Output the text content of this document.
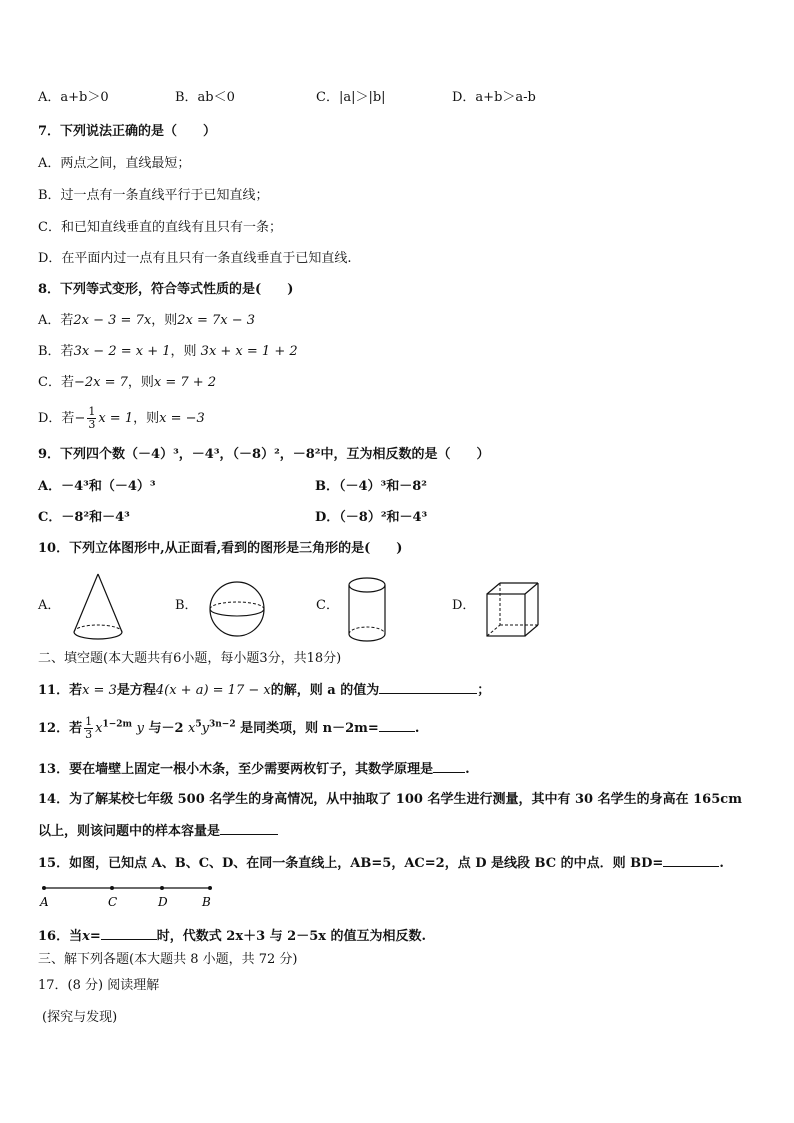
A．a+b＞0	B．ab＜0	C．|a|＞|b|	D．a+b＞a-b
7．下列说法正确的是（　　）
A．两点之间，直线最短；
B．过一点有一条直线平行于已知直线；
C．和已知直线垂直的直线有且只有一条；
D．在平面内过一点有且只有一条直线垂直于已知直线.
8．下列等式变形，符合等式性质的是(　　)
A．若2x − 3 = 7x，则2x = 7x − 3
B．若3x − 2 = x + 1，则 3x + x = 1 + 2
C．若−2x = 7，则x = 7 + 2
D．若− $\frac{1}{3}$ x = 1，则x = −3
9．下列四个数（－4）³，－4³，（－8）²，－8²中，互为相反数的是（　　）
A．－4³和（－4）³	B．（－4）³和－8²
C．－8²和－4³	D．（－8）²和－4³
10．下列立体图形中,从正面看,看到的图形是三角形的是(　　)
A．	B．	C．	D．
二、填空题(本大题共有6小题，每小题3分，共18分)
11．若x = 3是方程4(x + a) = 17 − x的解，则 a 的值为	；
12．若 $\frac{1}{3} x^{1-2m}$ y 与－2 $x^5y^{3n-2}$ 是同类项，则 n－2m=	.
13．要在墙壁上固定一根小木条，至少需要两枚钉子，其数学原理是 .
14．为了解某校七年级 500 名学生的身高情况，从中抽取了 100 名学生进行测量，其中有 30 名学生的身高在 165cm
以上，则该问题中的样本容量是
15．如图，已知点 A、B、C、D、在同一条直线上，AB=5，AC=2，点 D 是线段 BC 的中点．则 BD=	.
A	C	D	B
16．当x=	时，代数式 2x＋3 与 2－5x 的值互为相反数.
三、解下列各题(本大题共 8 小题，共 72 分)
17．(8 分) 阅读理解
(探究与发现)
